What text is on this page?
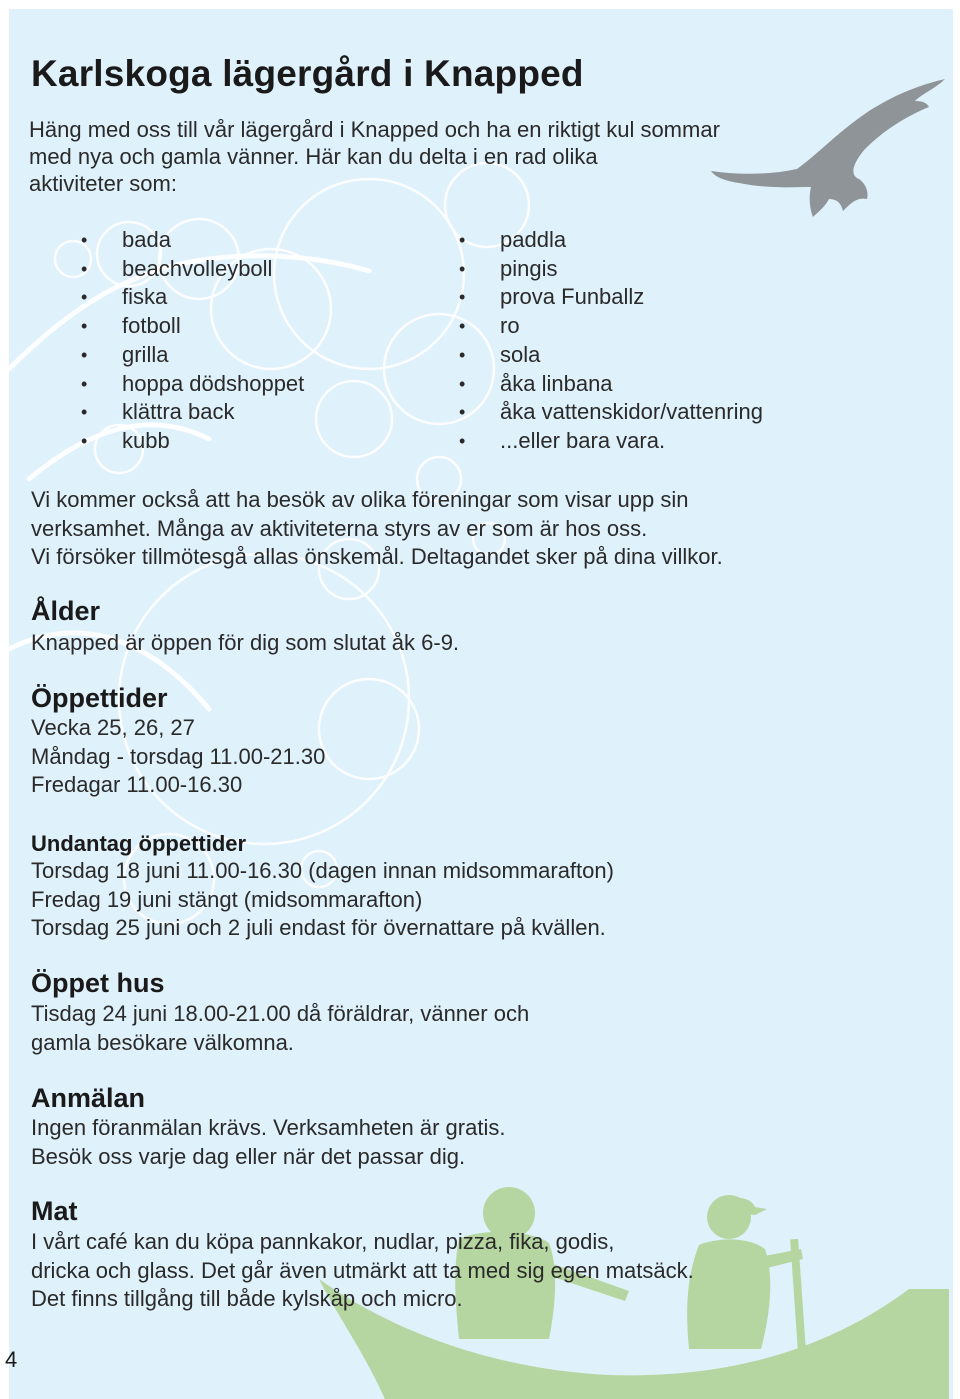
Karlskoga lägergård i Knapped

Häng med oss till vår lägergård i Knapped och ha en riktigt kul sommar
med nya och gamla vänner. Här kan du delta i en rad olika
aktiviteter som:

• bada
• beachvolleyboll
• fiska
• fotboll
• grilla
• hoppa dödshoppet
• klättra back
• kubb
• paddla
• pingis
• prova Funballz
• ro
• sola
• åka linbana
• åka vattenskidor/vattenring
• ...eller bara vara.

Vi kommer också att ha besök av olika föreningar som visar upp sin
verksamhet. Många av aktiviteterna styrs av er som är hos oss.
Vi försöker tillmötesgå allas önskemål. Deltagandet sker på dina villkor.

Ålder

Knapped är öppen för dig som slutat åk 6-9.

Öppettider

Vecka 25, 26, 27
Måndag - torsdag 11.00-21.30
Fredagar 11.00-16.30

Undantag öppettider

Torsdag 18 juni 11.00-16.30 (dagen innan midsommarafton)
Fredag 19 juni stängt (midsommarafton)
Torsdag 25 juni och 2 juli endast för övernattare på kvällen.

Öppet hus

Tisdag 24 juni 18.00-21.00 då föräldrar, vänner och
gamla besökare välkomna.

Anmälan

Ingen föranmälan krävs. Verksamheten är gratis.
Besök oss varje dag eller när det passar dig.

Mat

I vårt café kan du köpa pannkakor, nudlar, pizza, fika, godis,
dricka och glass. Det går även utmärkt att ta med sig egen matsäck.
Det finns tillgång till både kylskåp och micro.

4
